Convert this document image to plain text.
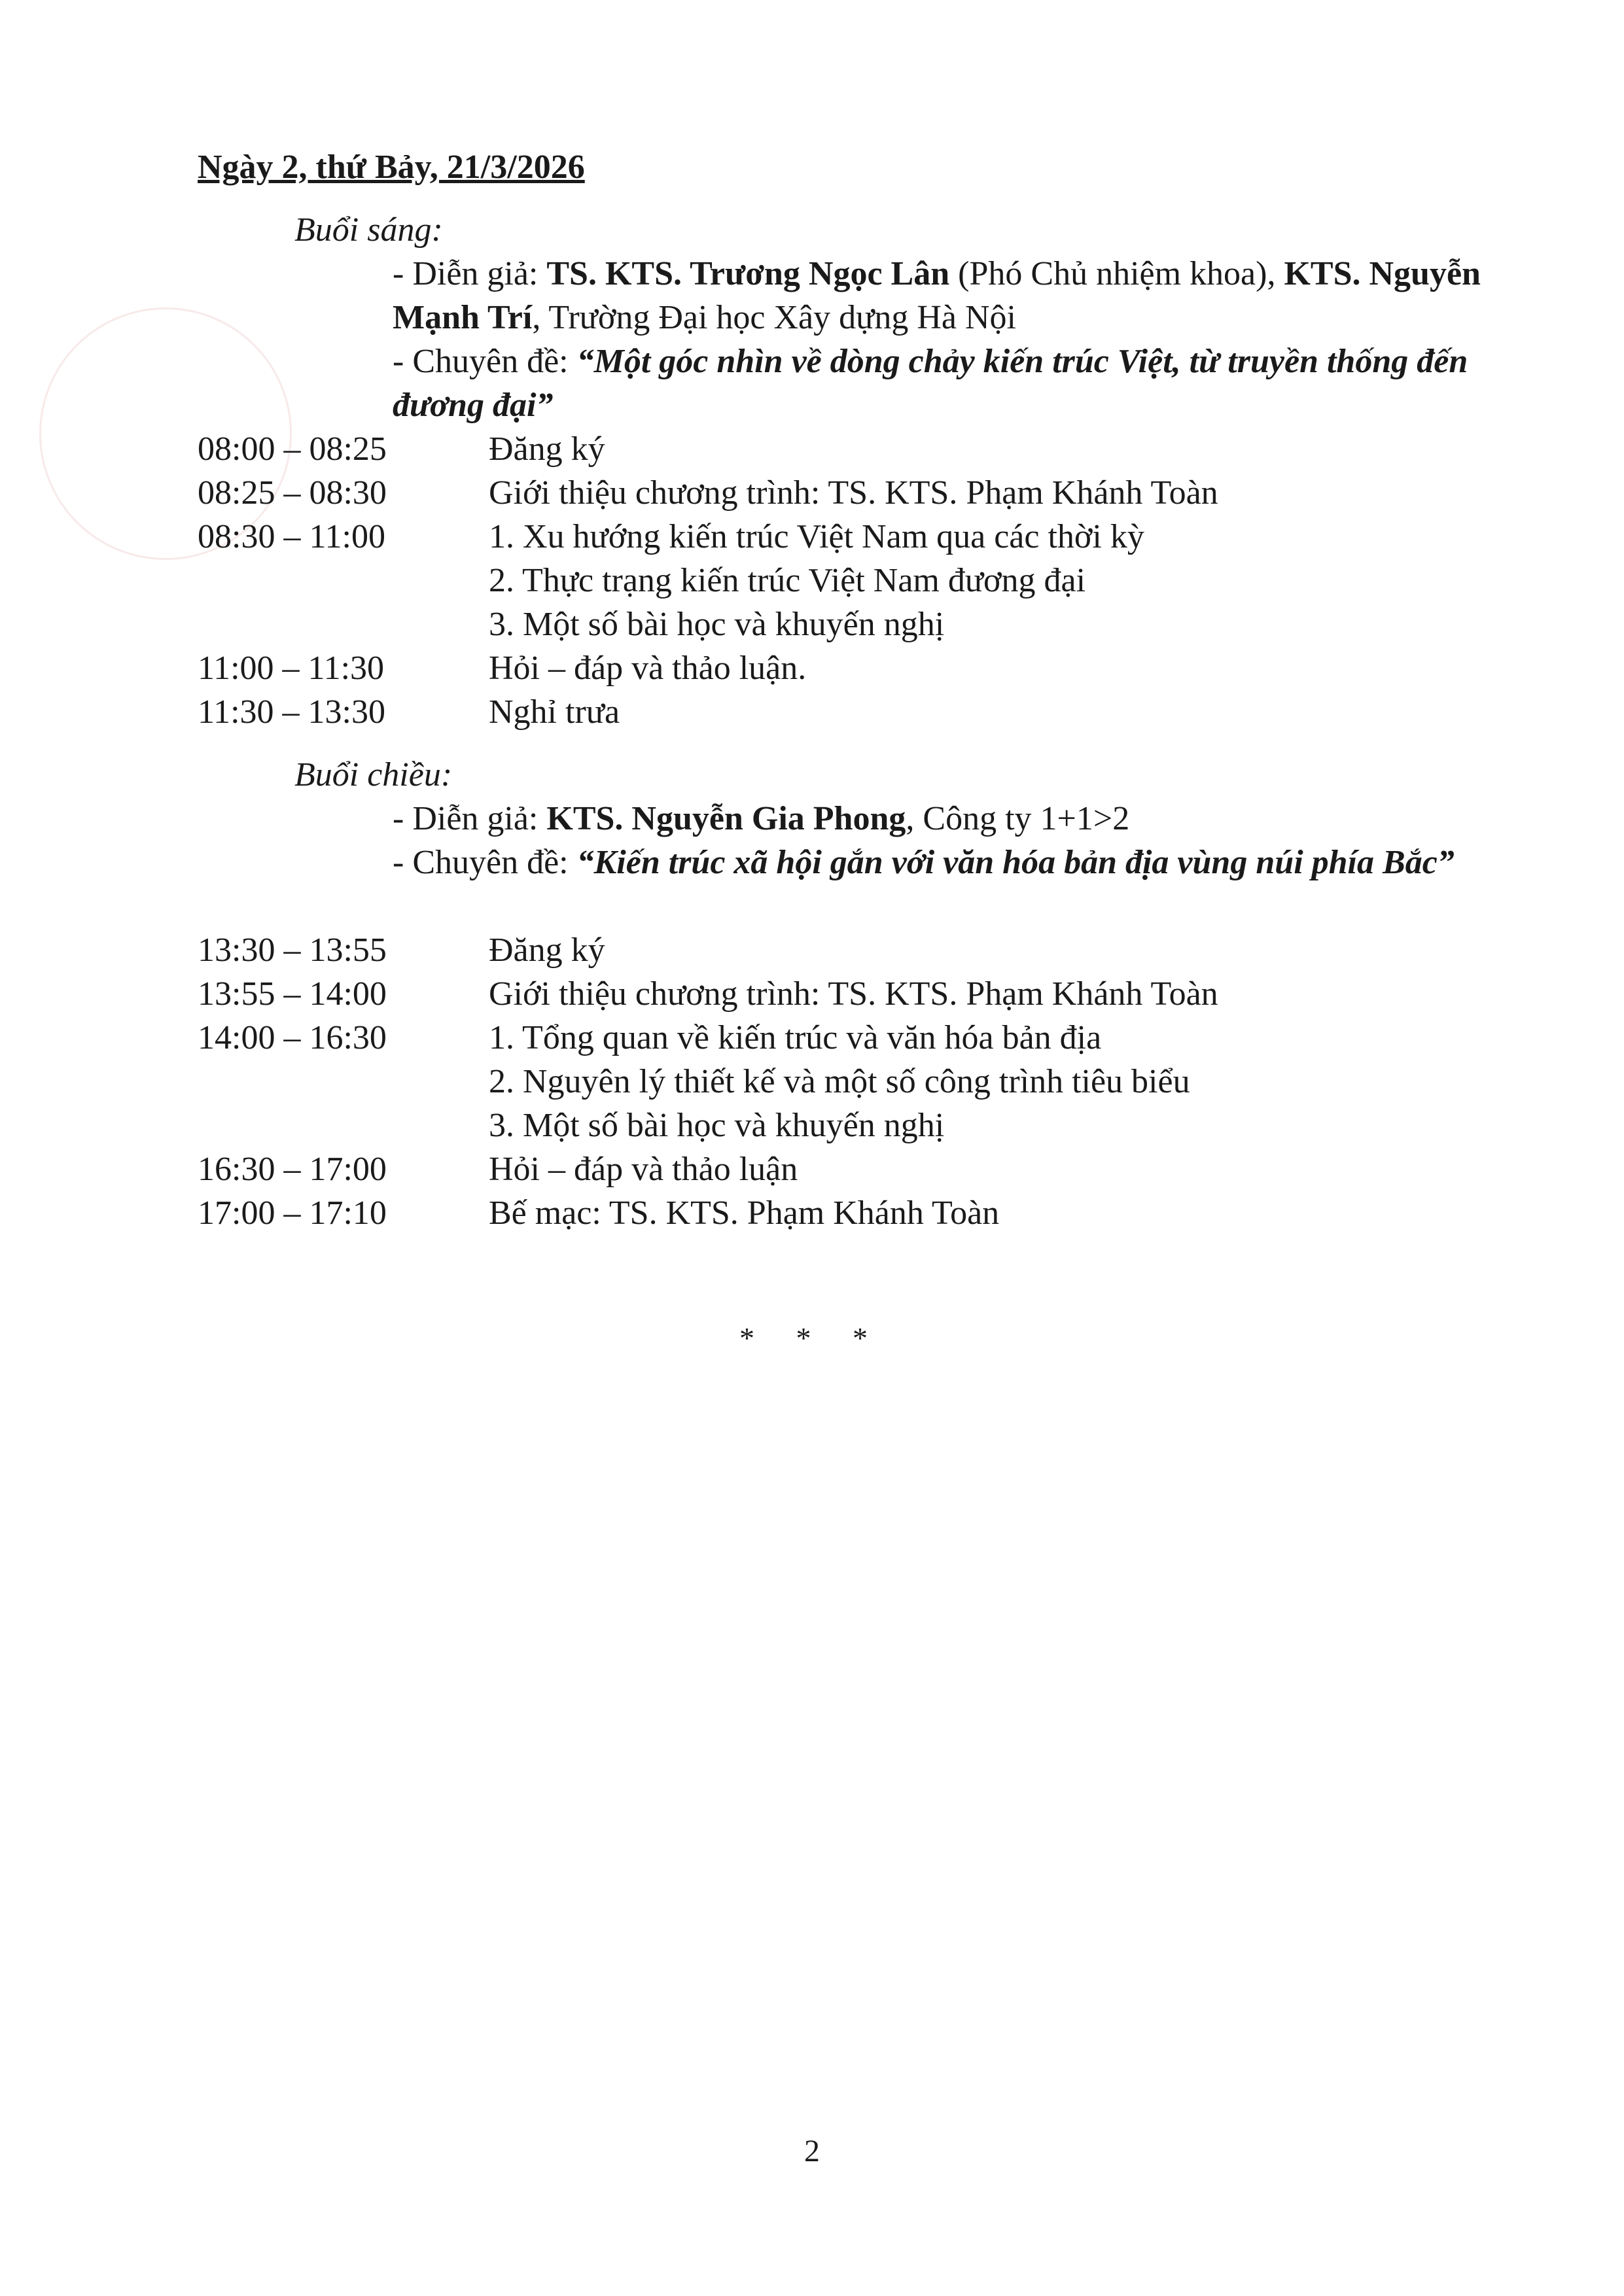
Ngày 2, thứ Bảy, 21/3/2026

Buổi sáng:

- Diễn giả: TS. KTS. Trương Ngọc Lân (Phó Chủ nhiệm khoa), KTS. Nguyễn Mạnh Trí, Trường Đại học Xây dựng Hà Nội

- Chuyên đề: “Một góc nhìn về dòng chảy kiến trúc Việt, từ truyền thống đến đương đại”

08:00 – 08:25	Đăng ký
08:25 – 08:30	Giới thiệu chương trình: TS. KTS. Phạm Khánh Toàn
08:30 – 11:00	1. Xu hướng kiến trúc Việt Nam qua các thời kỳ
2. Thực trạng kiến trúc Việt Nam đương đại
3. Một số bài học và khuyến nghị
11:00 – 11:30	Hỏi – đáp và thảo luận.
11:30 – 13:30	Nghỉ trưa

Buổi chiều:

- Diễn giả: KTS. Nguyễn Gia Phong, Công ty 1+1>2

- Chuyên đề: “Kiến trúc xã hội gắn với văn hóa bản địa vùng núi phía Bắc”

13:30 – 13:55	Đăng ký
13:55 – 14:00	Giới thiệu chương trình: TS. KTS. Phạm Khánh Toàn
14:00 – 16:30	1. Tổng quan về kiến trúc và văn hóa bản địa
2. Nguyên lý thiết kế và một số công trình tiêu biểu
3. Một số bài học và khuyến nghị
16:30 – 17:00	Hỏi – đáp và thảo luận
17:00 – 17:10	Bế mạc: TS. KTS. Phạm Khánh Toàn
* * *
2
